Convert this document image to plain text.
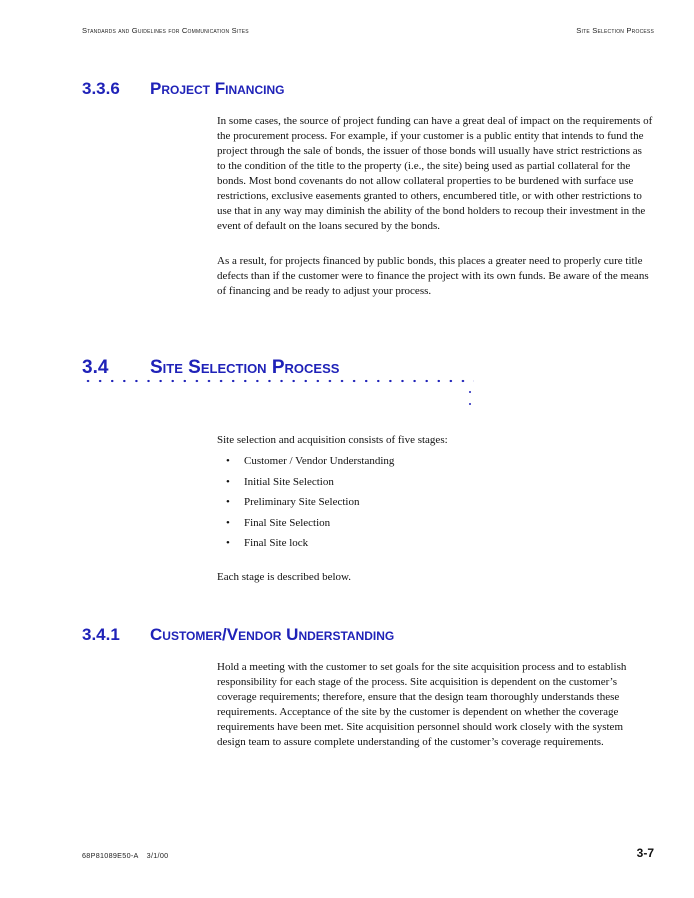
Standards and Guidelines for Communication Sites	Site Selection Process
3.3.6 Project Financing

In some cases, the source of project funding can have a great deal of impact on the requirements of the procurement process. For example, if your customer is a public entity that intends to fund the project through the sale of bonds, the issuer of those bonds will usually have strict restrictions as to the condition of the title to the property (i.e., the site) being used as partial collateral for the bonds. Most bond covenants do not allow collateral properties to be burdened with surface use restrictions, exclusive easements granted to others, encumbered title, or with other restrictions to use that in any way may diminish the ability of the bond holders to recoup their investment in the event of default on the loans secured by the bonds.

As a result, for projects financed by public bonds, this places a greater need to properly cure title defects than if the customer were to finance the project with its own funds. Be aware of the means of financing and be ready to adjust your process.

3.4 Site Selection Process

Site selection and acquisition consists of five stages:

• Customer / Vendor Understanding
• Initial Site Selection
• Preliminary Site Selection
• Final Site Selection
• Final Site lock

Each stage is described below.

3.4.1 Customer/Vendor Understanding

Hold a meeting with the customer to set goals for the site acquisition process and to establish responsibility for each stage of the process. Site acquisition is dependent on the customer’s coverage requirements; therefore, ensure that the design team thoroughly understands these requirements. Acceptance of the site by the customer is dependent on whether the coverage requirements have been met. Site acquisition personnel should work closely with the system design team to assure complete understanding of the customer’s coverage requirements.

68P81089E50-A 3/1/00	3-7
